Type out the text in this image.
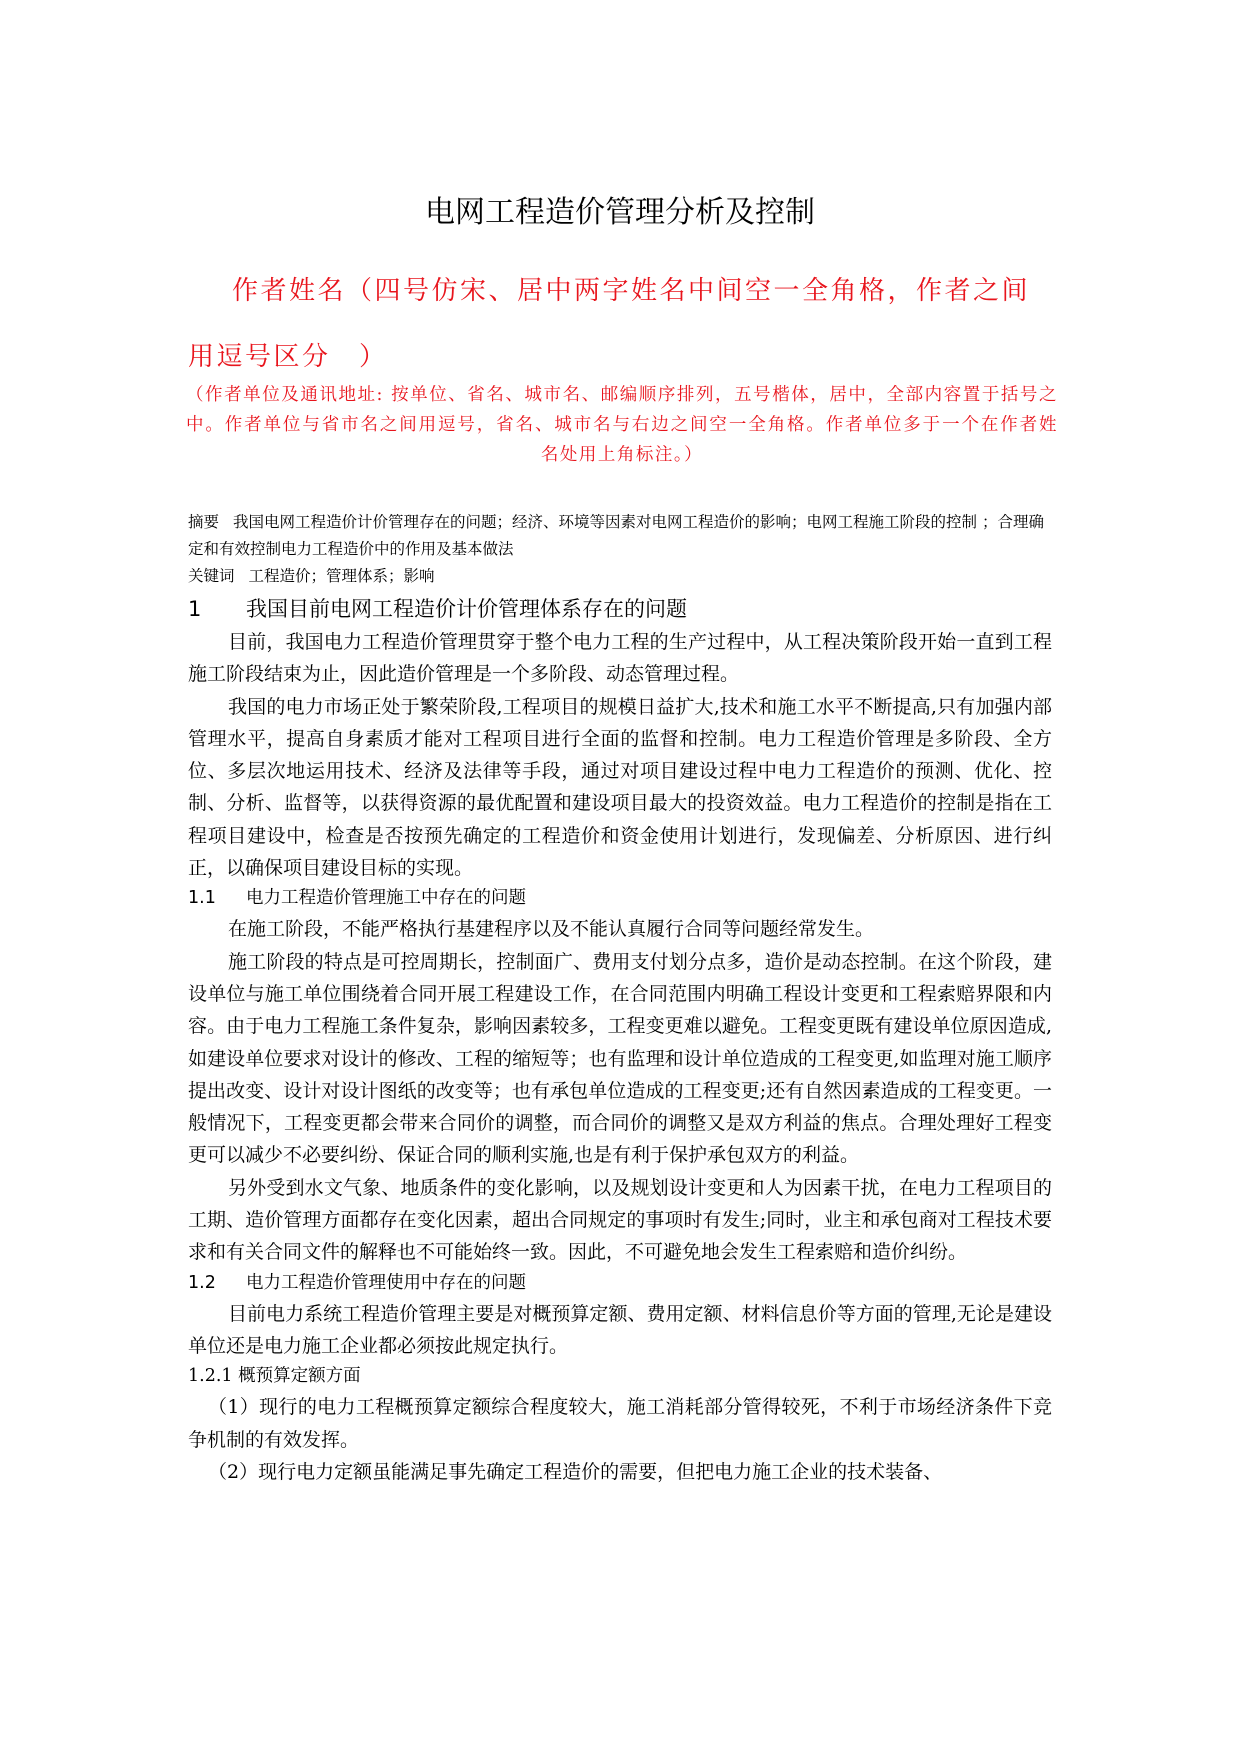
电网工程造价管理分析及控制
作者姓名（四号仿宋、居中两字姓名中间空一全角格，作者之间用逗号区分　）
（作者单位及通讯地址: 按单位、省名、城市名、邮编顺序排列，五号楷体，居中，全部内容置于括号之中。作者单位与省市名之间用逗号，省名、城市名与右边之间空一全角格。作者单位多于一个在作者姓名处用上角标注。）
摘要 我国电网工程造价计价管理存在的问题；经济、环境等因素对电网工程造价的影响；电网工程施工阶段的控制 ；合理确定和有效控制电力工程造价中的作用及基本做法
关键词 工程造价；管理体系；影响
1 我国目前电网工程造价计价管理体系存在的问题

目前，我国电力工程造价管理贯穿于整个电力工程的生产过程中，从工程决策阶段开始一直到工程施工阶段结束为止，因此造价管理是一个多阶段、动态管理过程。

我国的电力市场正处于繁荣阶段,工程项目的规模日益扩大,技术和施工水平不断提高,只有加强内部管理水平，提高自身素质才能对工程项目进行全面的监督和控制。电力工程造价管理是多阶段、全方位、多层次地运用技术、经济及法律等手段，通过对项目建设过程中电力工程造价的预测、优化、控制、分析、监督等，以获得资源的最优配置和建设项目最大的投资效益。电力工程造价的控制是指在工程项目建设中，检查是否按预先确定的工程造价和资金使用计划进行，发现偏差、分析原因、进行纠正，以确保项目建设目标的实现。

1.1 电力工程造价管理施工中存在的问题

在施工阶段，不能严格执行基建程序以及不能认真履行合同等问题经常发生。

施工阶段的特点是可控周期长，控制面广、费用支付划分点多，造价是动态控制。在这个阶段，建设单位与施工单位围绕着合同开展工程建设工作，在合同范围内明确工程设计变更和工程索赔界限和内容。由于电力工程施工条件复杂，影响因素较多，工程变更难以避免。工程变更既有建设单位原因造成,如建设单位要求对设计的修改、工程的缩短等；也有监理和设计单位造成的工程变更,如监理对施工顺序提出改变、设计对设计图纸的改变等；也有承包单位造成的工程变更;还有自然因素造成的工程变更。一般情况下，工程变更都会带来合同价的调整，而合同价的调整又是双方利益的焦点。合理处理好工程变更可以减少不必要纠纷、保证合同的顺利实施,也是有利于保护承包双方的利益。

另外受到水文气象、地质条件的变化影响，以及规划设计变更和人为因素干扰，在电力工程项目的工期、造价管理方面都存在变化因素，超出合同规定的事项时有发生;同时，业主和承包商对工程技术要求和有关合同文件的解释也不可能始终一致。因此，不可避免地会发生工程索赔和造价纠纷。

1.2 电力工程造价管理使用中存在的问题

目前电力系统工程造价管理主要是对概预算定额、费用定额、材料信息价等方面的管理,无论是建设单位还是电力施工企业都必须按此规定执行。

1.2.1 概预算定额方面

（1）现行的电力工程概预算定额综合程度较大，施工消耗部分管得较死，不利于市场经济条件下竞争机制的有效发挥。

（2）现行电力定额虽能满足事先确定工程造价的需要，但把电力施工企业的技术装备、
